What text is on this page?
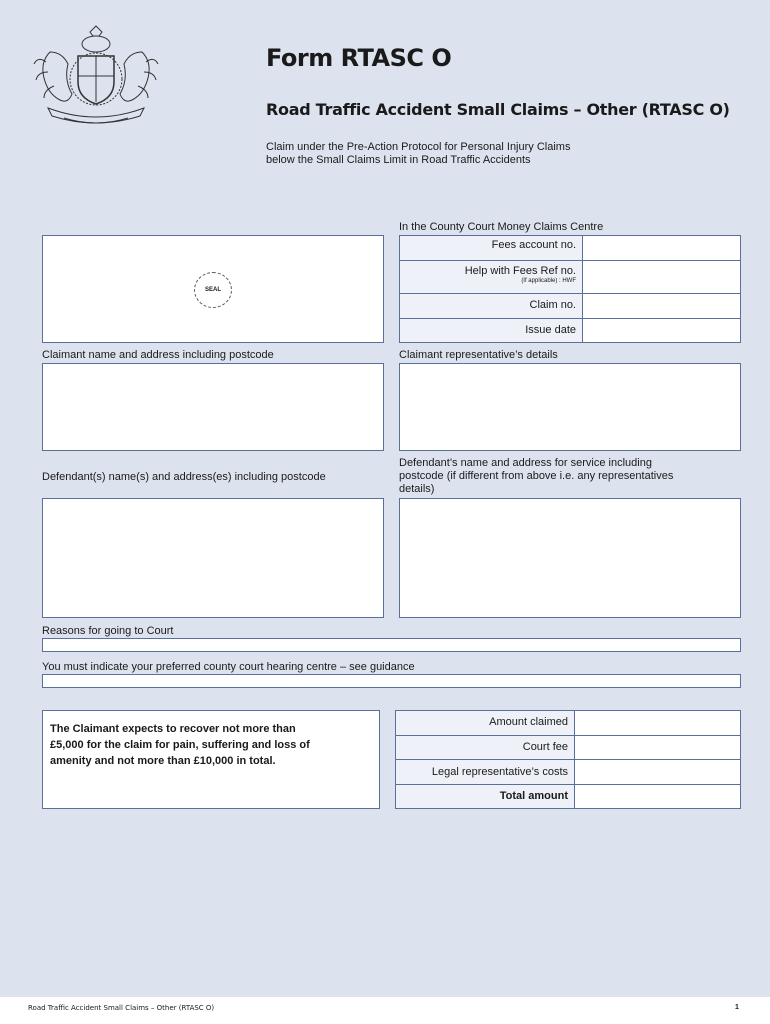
Form RTASC O
Road Traffic Accident Small Claims – Other (RTASC O)
Claim under the Pre-Action Protocol for Personal Injury Claims
below the Small Claims Limit in Road Traffic Accidents
SEAL
In the County Court Money Claims Centre
Fees account no.
Help with Fees Ref no.
(If applicable) : HWF
Claim no.
Issue date
Claimant name and address including postcode	Claimant representative’s details
Defendant(s) name(s) and address(es) including postcode
Defendant’s name and address for service including
postcode (if different from above i.e. any representatives
details)
Reasons for going to Court
You must indicate your preferred county court hearing centre – see guidance
The Claimant expects to recover not more than
£5,000 for the claim for pain, suffering and loss of
amenity and not more than £10,000 in total.
Amount claimed
Court fee
Legal representative’s costs
Total amount
Road Traffic Accident Small Claims – Other (RTASC O)	1
